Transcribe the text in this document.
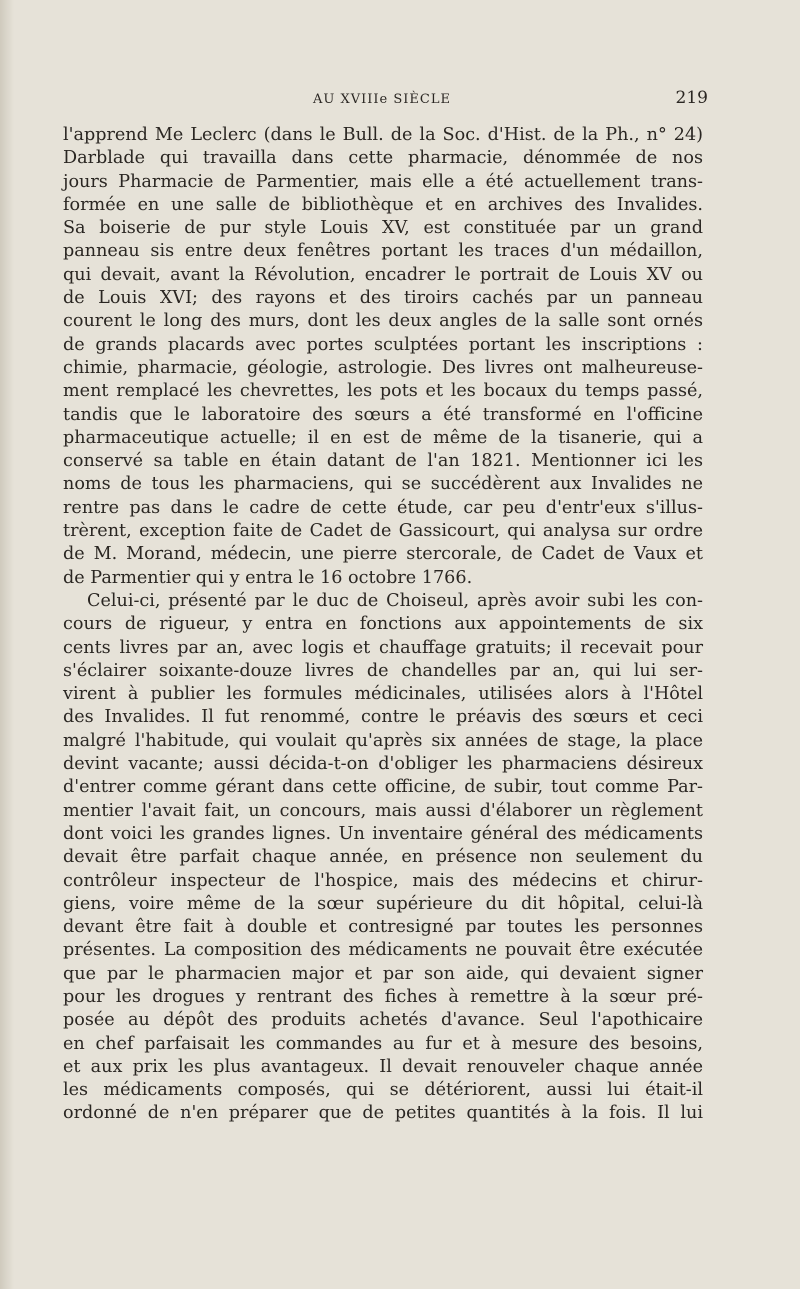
AU XVIIIe SIÈCLE	219

l'apprend Me Leclerc (dans le Bull. de la Soc. d'Hist. de la Ph., n° 24)
Darblade qui travailla dans cette pharmacie, dénommée de nos
jours Pharmacie de Parmentier, mais elle a été actuellement trans-
formée en une salle de bibliothèque et en archives des Invalides.
Sa boiserie de pur style Louis XV, est constituée par un grand
panneau sis entre deux fenêtres portant les traces d'un médaillon,
qui devait, avant la Révolution, encadrer le portrait de Louis XV ou
de Louis XVI; des rayons et des tiroirs cachés par un panneau
courent le long des murs, dont les deux angles de la salle sont ornés
de grands placards avec portes sculptées portant les inscriptions :
chimie, pharmacie, géologie, astrologie. Des livres ont malheureuse-
ment remplacé les chevrettes, les pots et les bocaux du temps passé,
tandis que le laboratoire des sœurs a été transformé en l'officine
pharmaceutique actuelle; il en est de même de la tisanerie, qui a
conservé sa table en étain datant de l'an 1821. Mentionner ici les
noms de tous les pharmaciens, qui se succédèrent aux Invalides ne
rentre pas dans le cadre de cette étude, car peu d'entr'eux s'illus-
trèrent, exception faite de Cadet de Gassicourt, qui analysa sur ordre
de M. Morand, médecin, une pierre stercorale, de Cadet de Vaux et
de Parmentier qui y entra le 16 octobre 1766.

Celui-ci, présenté par le duc de Choiseul, après avoir subi les con-
cours de rigueur, y entra en fonctions aux appointements de six
cents livres par an, avec logis et chauffage gratuits; il recevait pour
s'éclairer soixante-douze livres de chandelles par an, qui lui ser-
virent à publier les formules médicinales, utilisées alors à l'Hôtel
des Invalides. Il fut renommé, contre le préavis des sœurs et ceci
malgré l'habitude, qui voulait qu'après six années de stage, la place
devint vacante; aussi décida-t-on d'obliger les pharmaciens désireux
d'entrer comme gérant dans cette officine, de subir, tout comme Par-
mentier l'avait fait, un concours, mais aussi d'élaborer un règlement
dont voici les grandes lignes. Un inventaire général des médicaments
devait être parfait chaque année, en présence non seulement du
contrôleur inspecteur de l'hospice, mais des médecins et chirur-
giens, voire même de la sœur supérieure du dit hôpital, celui-là
devant être fait à double et contresigné par toutes les personnes
présentes. La composition des médicaments ne pouvait être exécutée
que par le pharmacien major et par son aide, qui devaient signer
pour les drogues y rentrant des fiches à remettre à la sœur pré-
posée au dépôt des produits achetés d'avance. Seul l'apothicaire
en chef parfaisait les commandes au fur et à mesure des besoins,
et aux prix les plus avantageux. Il devait renouveler chaque année
les médicaments composés, qui se détériorent, aussi lui était-il
ordonné de n'en préparer que de petites quantités à la fois. Il lui
